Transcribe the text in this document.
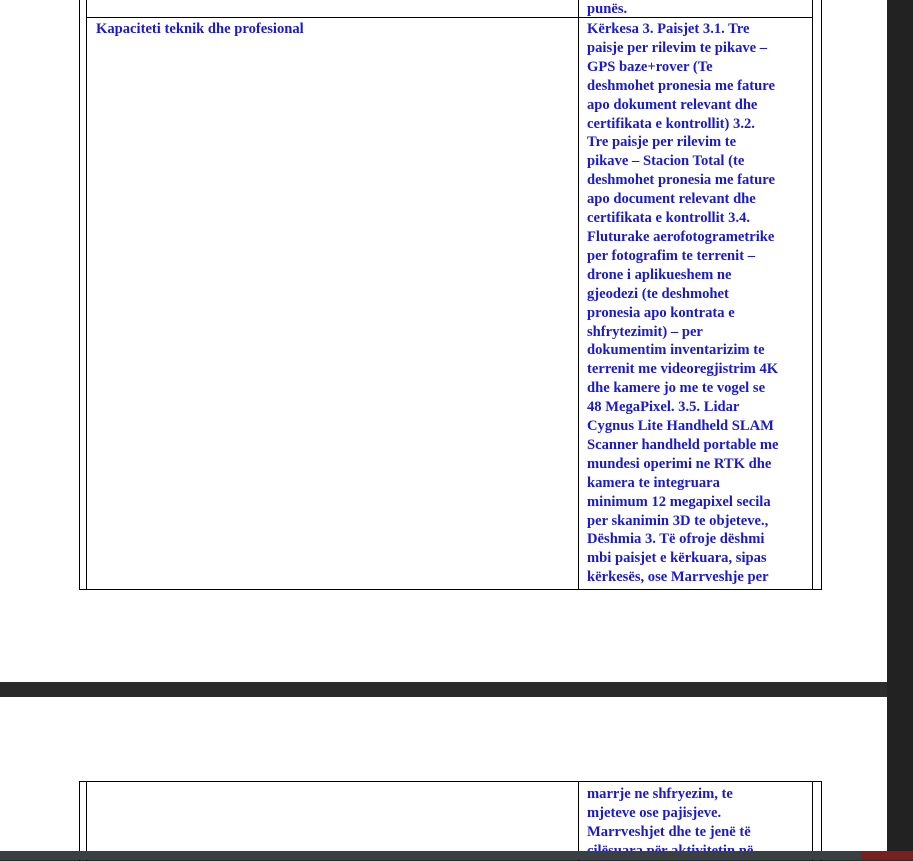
punës.
Kapaciteti teknik dhe profesional	Kërkesa 3. Paisjet 3.1. Tre
paisje per rilevim te pikave –
GPS baze+rover (Te
deshmohet pronesia me fature
apo dokument relevant dhe
certifikata e kontrollit) 3.2.
Tre paisje per rilevim te
pikave – Stacion Total (te
deshmohet pronesia me fature
apo document relevant dhe
certifikata e kontrollit 3.4.
Fluturake aerofotogrametrike
per fotografim te terrenit –
drone i aplikueshem ne
gjeodezi (te deshmohet
pronesia apo kontrata e
shfrytezimit) – per
dokumentim inventarizim te
terrenit me videoregjistrim 4K
dhe kamere jo me te vogel se
48 MegaPixel. 3.5. Lidar
Cygnus Lite Handheld SLAM
Scanner handheld portable me
mundesi operimi ne RTK dhe
kamera te integruara
minimum 12 megapixel secila
per skanimin 3D te objeteve.,
Dëshmia 3. Të ofroje dëshmi
mbi paisjet e kërkuara, sipas
kërkesës, ose Marrveshje per
marrje ne shfryezim, te
mjeteve ose pajisjeve.
Marrveshjet dhe te jenë të
